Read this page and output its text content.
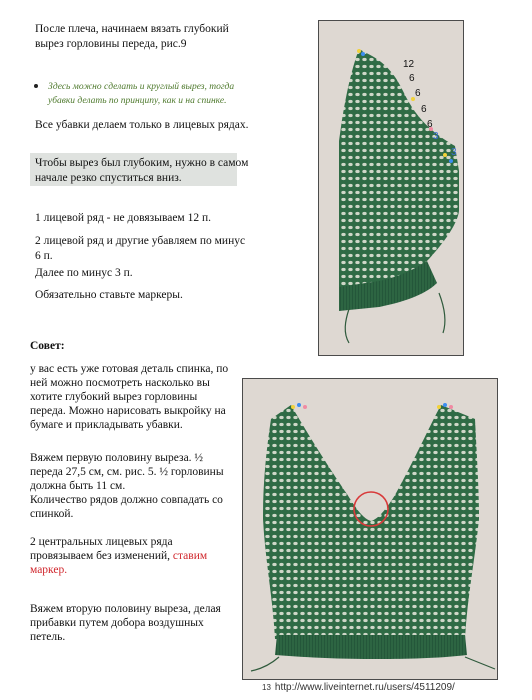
После плеча, начинаем вязать глубокий
вырез горловины переда, рис.9
Здесь можно сделать и круглый вырез, тогда
убавки делать по принципу, как и на спинке.
Все убавки делаем только в лицевых рядах.
Чтобы вырез был глубоким, нужно в самом
начале резко спуститься вниз.
1 лицевой ряд - не довязываем 12 п.
2 лицевой ряд и другие убавляем по минус
6 п.
Далее по минус 3 п.
Обязательно ставьте маркеры.
Совет:
у вас есть уже готовая деталь спинка, по
ней можно посмотреть насколько вы
хотите глубокий вырез горловины
переда. Можно нарисовать выкройку на
бумаге и прикладывать убавки.
Вяжем первую половину выреза. ½
переда 27,5 см, см. рис. 5. ½ горловины
должна быть 11 см.
Количество рядов должно совпадать со
спинкой.
2 центральных лицевых ряда
провязываем без изменений, ставим
маркер.
Вяжем вторую половину выреза, делая
прибавки путем добора воздушных
петель.
12
6
6
6
6
3
3
13 http://www.liveinternet.ru/users/4511209/
